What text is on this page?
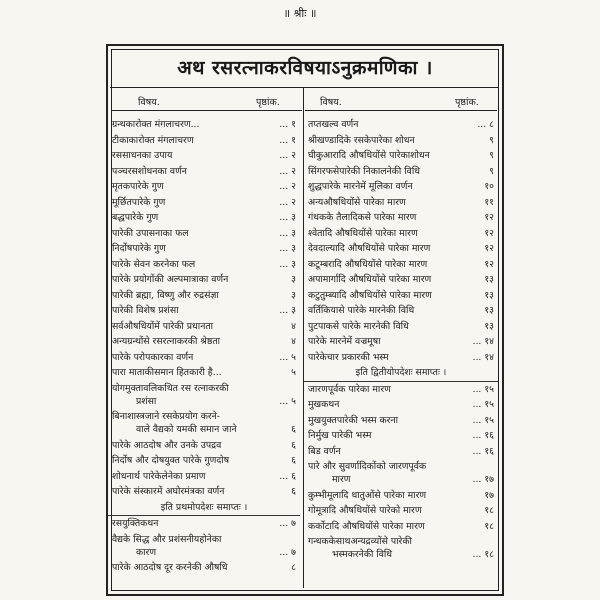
॥ श्रीः ॥
अथ रसरत्नाकरविषयाऽनुक्रमणिका ।
विषय.	पृष्ठांक.	विषय.	पृष्ठांक.
ग्रन्थकारोक्त मंगलाचरण...	... १
टीकाकारोक्त मंगलाचरण	... १
रससाधनका उपाय	... २
पञ्चरसशोधनका वर्णन	... २
मृतकपारेके गुण	... २
मूर्छितपारेके गुण	... २
बद्धपारेके गुण	... ३
पारेकी उपासनाका फल	... ३
निर्दोषपारेके गुण	... ३
पारेके सेवन करनेका फल	... ३
पारेके प्रयोगोंकी अल्पमात्राका वर्णन	३
पारेकी ब्रह्मा, विष्णु और रुद्रसंज्ञा	३
पारेकी विशेष प्रशंसा	... ३
सर्वऔषधियोंमें पारेकी प्रधानता	४
अन्यग्रन्थोंसे रसरत्नाकरकी श्रेष्ठता	४
पारेके परोपकारका वर्णन	... ५
पारा माताकीसमान हितकारी है...	५
योगमुक्तावलिकथित रस रत्नाकरकी
प्रशंसा	... ५
बिनाशास्त्रजाने रसकेप्रयोग करने-
वाले वैद्यको यमकी समान जाने	६
पारेके आठदोष और उनके उपद्रव	६
निर्दोष और दोषयुक्त पारेके गुणदोष	६
शोधनार्थ पारेकेलेनेका प्रमाण	... ६
पारेके संस्कारमें अघोरमंत्रका वर्णन	६
इति प्रथमोपदेशः समाप्तः ।
रसयुक्तिकथन	... ७
वैद्यके सिद्ध और प्रशंसनीयहोनेका
कारण	... ७
पारेके आठदोष दूर करनेकी औषधि	८
तप्तखल्व वर्णन	... ८
श्रीखण्डादिके रसकेपारेका शोधन	९
घीकुआरादि औषधियोंसे पारेकाशोधन	९
सिंगरफसेपारेकी निकालनेकी विधि	९
शुद्धपारेके मारनेमें मूलिका वर्णन	१०
अन्यऔषधियोंसे पारेका मारण	११
गंधकके तैलादिकसे पारेका मारण	१२
श्वेतादि औषधियोंसे पारेका मारण	१२
देवदाल्यादि औषधियोंसे पारेका मारण	१२
कटूम्बरादि औषधियोंसे पारेका मारण	१२
अपामार्गादि औषधियोंसे पारेका मारण	१३
कटुतुम्ब्यादि औषधियोंसे पारेका मारण	१३
वर्तिकियासे पारेके मारनेकी विधि	१३
पुटपाकसे पारेके मारनेकी विधि	१३
पारेके मारनेमें वज्रमूषा	... १४
पारेकेचार प्रकारकी भस्म	... १४
इति द्वितीयोपदेशः समाप्तः ।
जारणपूर्वक पारेका मारण	... १५
मुखकथन	... १५
मुखयुक्तपारेकी भस्म करना	... १५
निर्मुख पारेकी भस्म	... १६
बिड वर्णन	... १६
पारे और सुवर्णादिकोंको जारणपूर्वक
मारण	... १७
कुम्भीमूलादि धातुओंसे पारेका मारण	१७
गोमूत्रादि औषधियोंसे पारेको मारण	१८
कर्कोटादि औषधियोंसे पारेका मारण	१८
गन्धककेसाथअन्यद्रव्योंसे पारेकी
भस्मकरनेकी विधि	... १८
